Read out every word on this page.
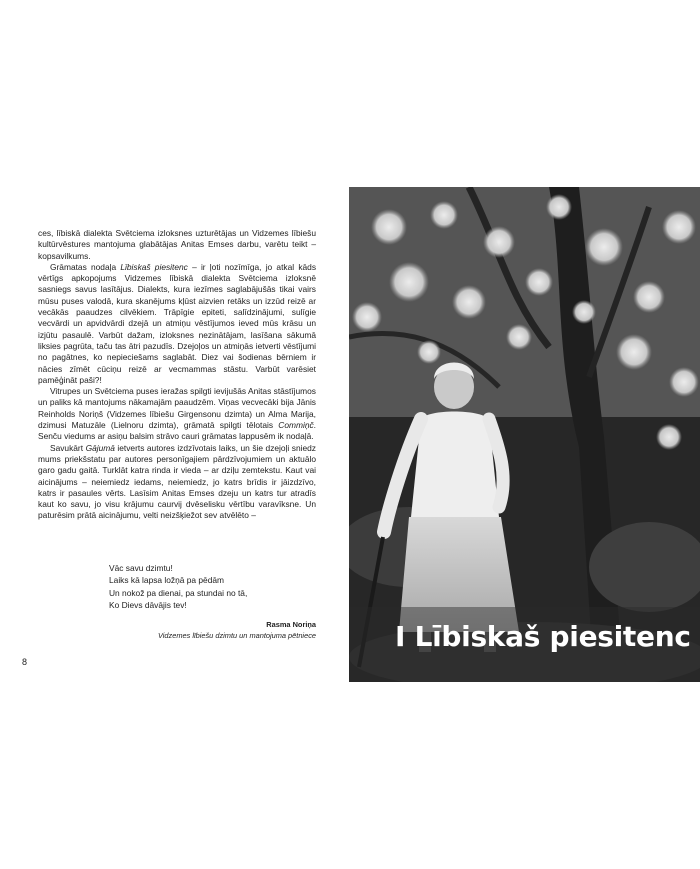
ces, lībiskā dialekta Svētciema izloksnes uzturētājas un Vidzemes lībiešu kultūrvēstures mantojuma glabātājas Anitas Emses darbu, varētu teikt – kopsavilkums.

Grāmatas nodaļa Lībiskaš piesitenc – ir ļoti nozīmīga, jo atkal kāds vērtīgs apkopojums Vidzemes lībiskā dialekta Svētciema izloksnē sasniegs savus lasītājus. Dialekts, kura iezīmes saglabājušās tikai vairs mūsu puses valodā, kura skanējums kļūst aizvien retāks un izzūd reizē ar vecākās paaudzes cilvēkiem. Trāpīgie epiteti, salīdzinājumi, sulīgie vecvārdi un apvidvārdi dzejā un atmiņu vēstījumos ieved mūs krāsu un izjūtu pasaulē. Varbūt dažam, izloksnes nezinātājam, lasīšana sākumā liksies pagrūta, taču tas ātri pazudīs. Dzejoļos un atmiņās ietverti vēstījumi no pagātnes, ko nepieciešams saglabāt. Diez vai šodienas bērniem ir nācies zīmēt cūciņu reizē ar vecmammas stāstu. Varbūt varēsiet pamēģināt paši?!

Vitrupes un Svētciema puses ieražas spilgti ievijušās Anitas stāstījumos un paliks kā mantojums nākamajām paaudzēm. Viņas vecvecāki bija Jānis Reinholds Noriņš (Vidzemes lībiešu Girgensonu dzimta) un Alma Marija, dzimusi Matuzāle (Lielnoru dzimta), grāmatā spilgti tēlotais Commiņč. Senču viedums ar asiņu balsim strāvo cauri grāmatas lappusēm ik nodaļā.

Savukārt Gājumā ietverts autores izdzīvotais laiks, un šie dzejoļi sniedz mums priekšstatu par autores personīgajiem pārdzīvojumiem un aktuālo garo gadu gaitā. Turklāt katra rinda ir vieda – ar dziļu zemtekstu. Kaut vai aicinājums – neiemiedz iedams, neiemiedz, jo katrs brīdis ir jāizdzīvo, katrs ir pasaules vērts. Lasīsim Anitas Emses dzeju un katrs tur atradīs kaut ko savu, jo visu krājumu caurvij dvēselisku vērtību varavīksne. Un paturēsim prātā aicinājumu, velti neizšķiežot sev atvēlēto –

Vāc savu dzimtu!
Laiks kā lapsa ložņā pa pēdām
Un nokož pa dienai, pa stundai no tā,
Ko Dievs dāvājis tev!
Rasma Noriņa
Vidzemes lībiešu dzimtu un mantojuma pētniece
8
I Lībiskaš piesitenc
